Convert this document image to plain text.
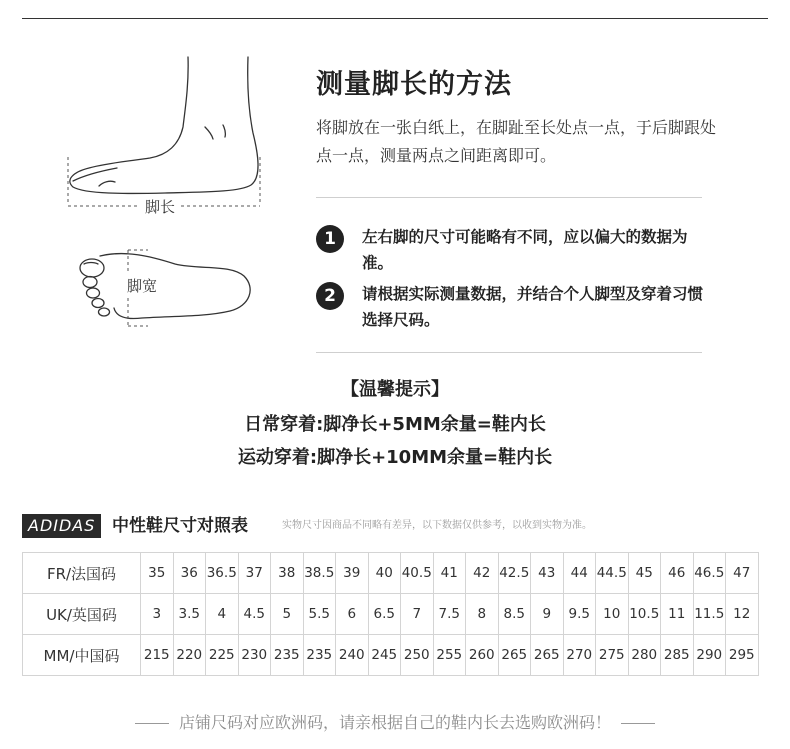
脚长
脚宽
测量脚长的方法
将脚放在一张白纸上，在脚趾至长处点一点，于后脚跟处点一点，测量两点之间距离即可。
1	左右脚的尺寸可能略有不同，应以偏大的数据为准。
2	请根据实际测量数据，并结合个人脚型及穿着习惯选择尺码。
【温馨提示】
日常穿着:脚净长+5MM余量=鞋内长
运动穿着:脚净长+10MM余量=鞋内长
ADIDAS 中性鞋尺寸对照表	实物尺寸因商品不同略有差异，以下数据仅供参考，以收到实物为准。
FR/法国码	35	36	36.5	37	38	38.5	39	40	40.5	41	42	42.5	43	44	44.5	45	46	46.5	47
UK/英国码	3	3.5	4	4.5	5	5.5	6	6.5	7	7.5	8	8.5	9	9.5	10	10.5	11	11.5	12
MM/中国码	215	220	225	230	235	235	240	245	250	255	260	265	265	270	275	280	285	290	295
店铺尺码对应欧洲码，请亲根据自己的鞋内长去选购欧洲码！
